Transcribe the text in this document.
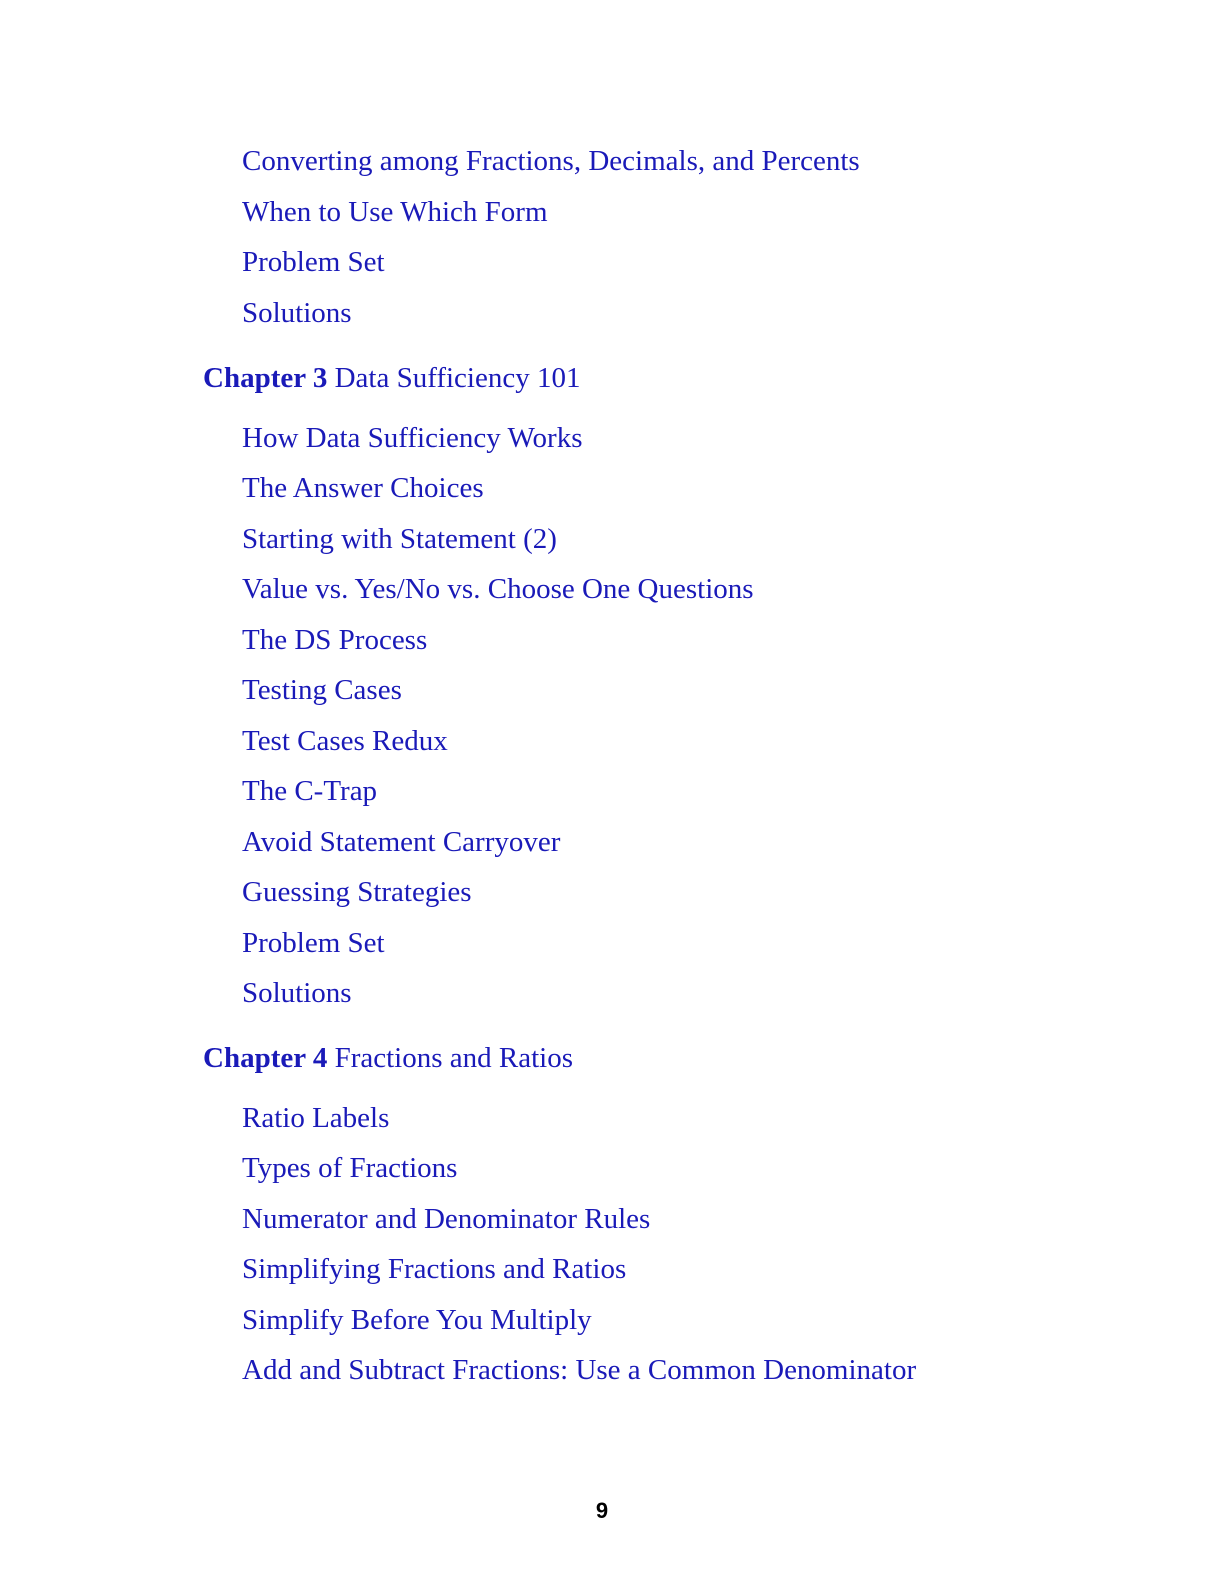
Converting among Fractions, Decimals, and Percents
When to Use Which Form
Problem Set
Solutions
Chapter 3 Data Sufficiency 101
How Data Sufficiency Works
The Answer Choices
Starting with Statement (2)
Value vs. Yes/No vs. Choose One Questions
The DS Process
Testing Cases
Test Cases Redux
The C-Trap
Avoid Statement Carryover
Guessing Strategies
Problem Set
Solutions
Chapter 4 Fractions and Ratios
Ratio Labels
Types of Fractions
Numerator and Denominator Rules
Simplifying Fractions and Ratios
Simplify Before You Multiply
Add and Subtract Fractions: Use a Common Denominator
9
